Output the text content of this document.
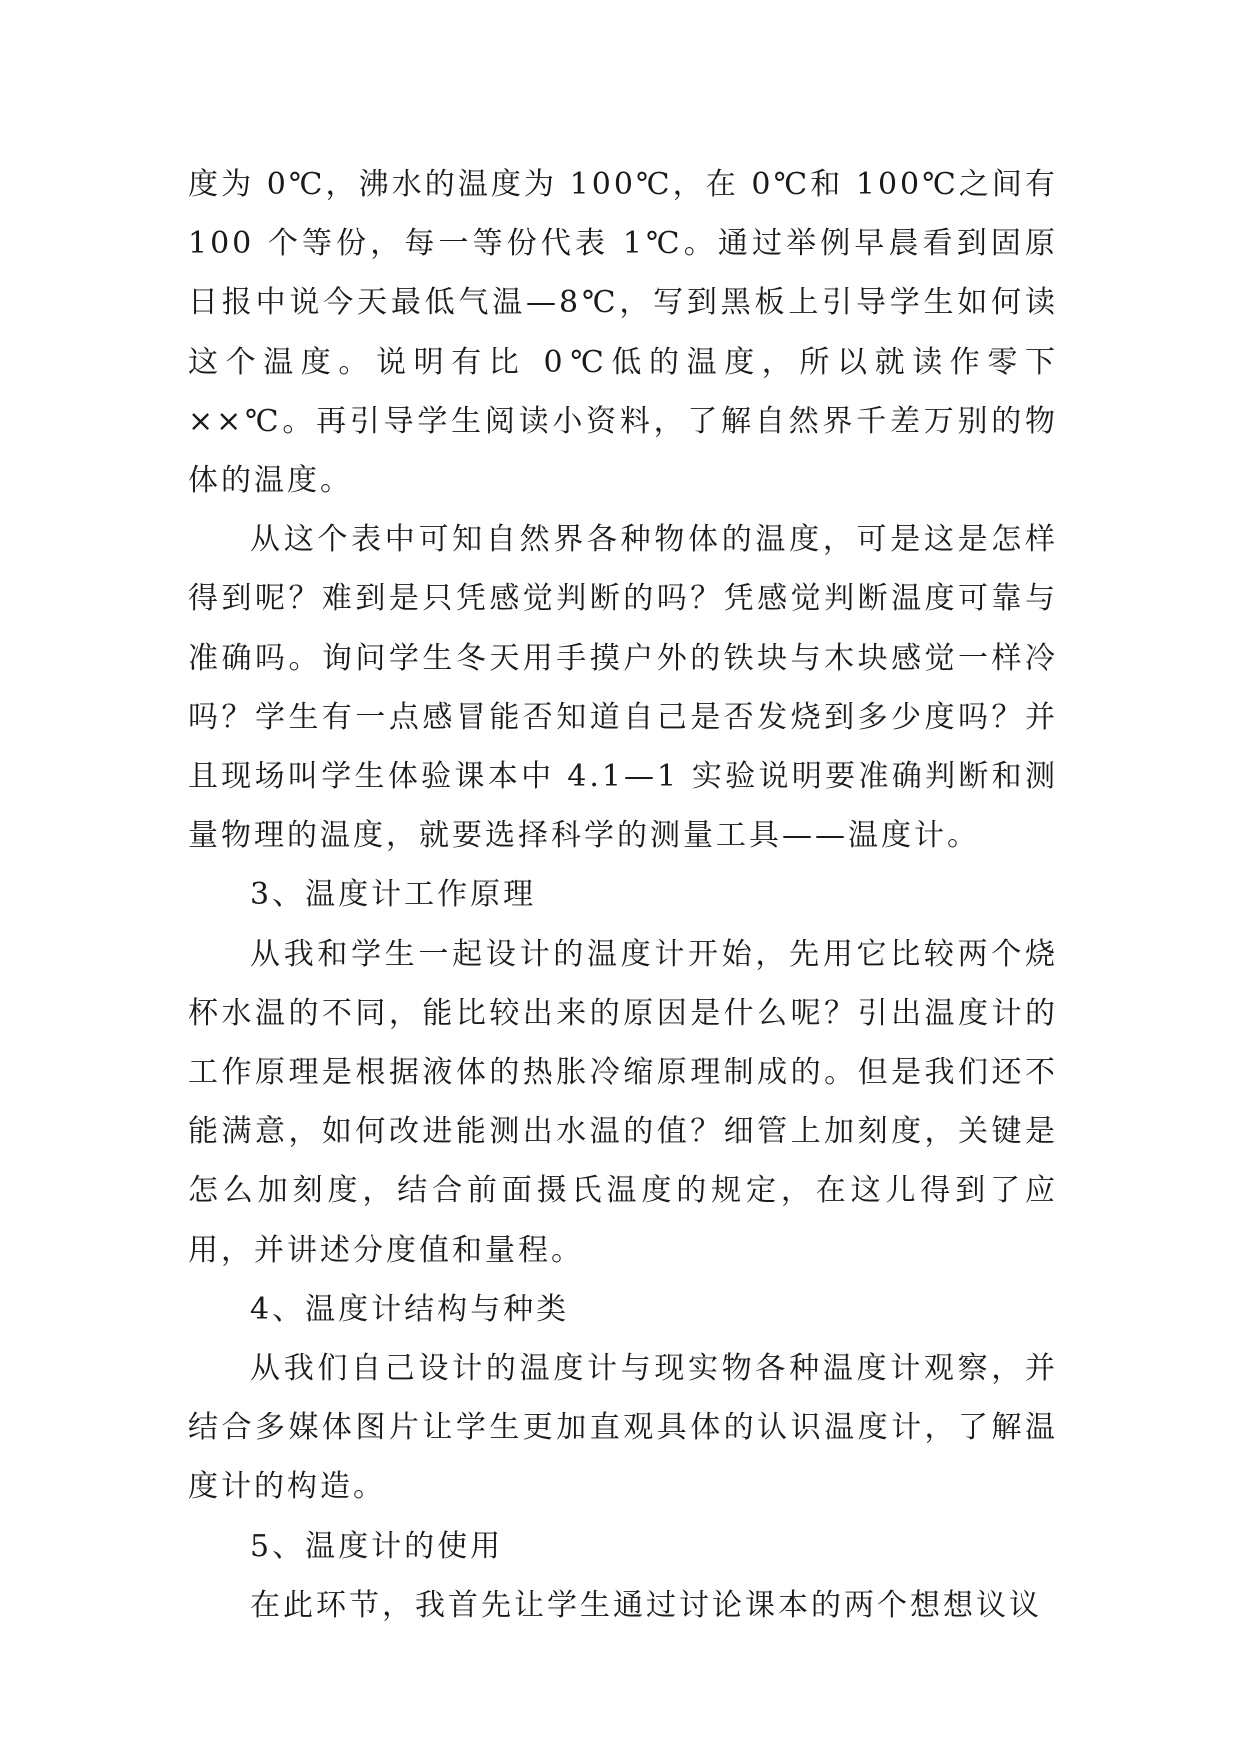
度为 0℃，沸水的温度为 100℃，在 0℃和 100℃之间有 100 个等份，每一等份代表 1℃。通过举例早晨看到固原日报中说今天最低气温—8℃，写到黑板上引导学生如何读这个温度。说明有比 0℃低的温度，所以就读作零下××℃。再引导学生阅读小资料，了解自然界千差万别的物体的温度。

从这个表中可知自然界各种物体的温度，可是这是怎样得到呢？难到是只凭感觉判断的吗？凭感觉判断温度可靠与准确吗。询问学生冬天用手摸户外的铁块与木块感觉一样冷吗？学生有一点感冒能否知道自己是否发烧到多少度吗？并且现场叫学生体验课本中 4.1—1 实验说明要准确判断和测量物理的温度，就要选择科学的测量工具——温度计。

3、温度计工作原理

从我和学生一起设计的温度计开始，先用它比较两个烧杯水温的不同，能比较出来的原因是什么呢？引出温度计的工作原理是根据液体的热胀冷缩原理制成的。但是我们还不能满意，如何改进能测出水温的值？细管上加刻度，关键是怎么加刻度，结合前面摄氏温度的规定，在这儿得到了应用，并讲述分度值和量程。

4、温度计结构与种类

从我们自己设计的温度计与现实物各种温度计观察，并结合多媒体图片让学生更加直观具体的认识温度计，了解温度计的构造。

5、温度计的使用

在此环节，我首先让学生通过讨论课本的两个想想议议
